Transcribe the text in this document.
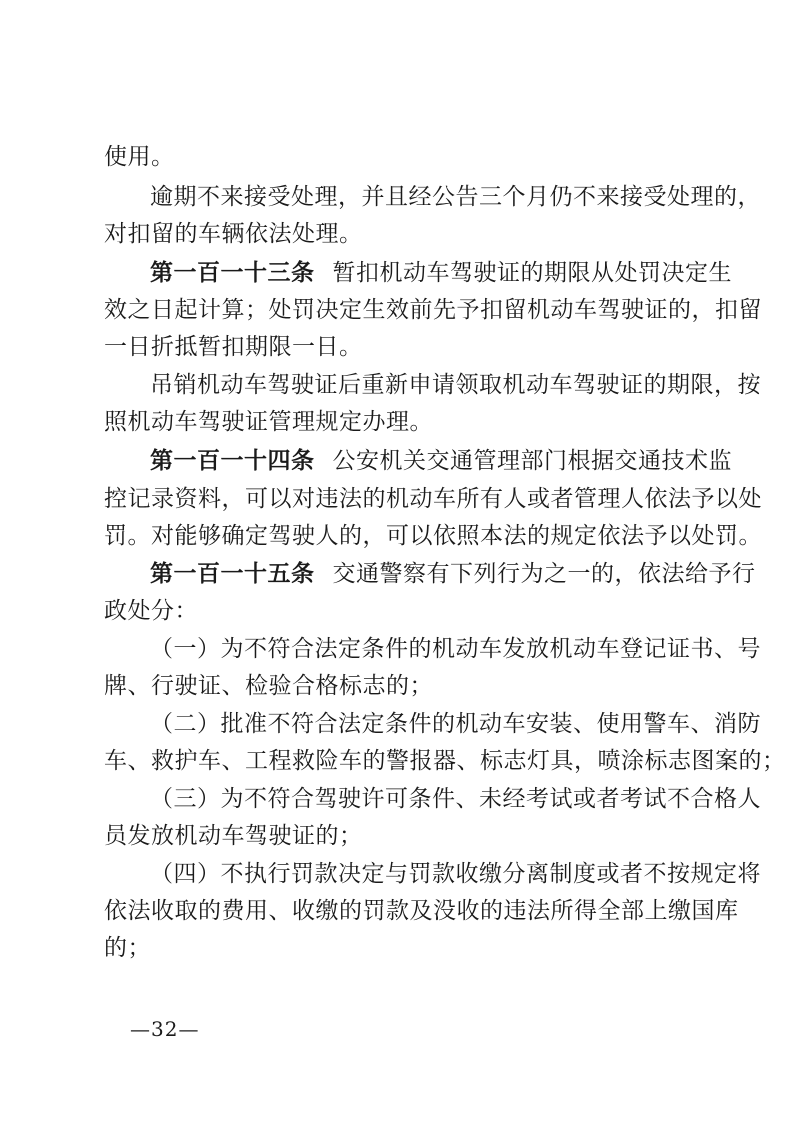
使用。
逾期不来接受处理，并且经公告三个月仍不来接受处理的，
对扣留的车辆依法处理。
第一百一十三条 暂扣机动车驾驶证的期限从处罚决定生
效之日起计算；处罚决定生效前先予扣留机动车驾驶证的，扣留
一日折抵暂扣期限一日。
吊销机动车驾驶证后重新申请领取机动车驾驶证的期限，按
照机动车驾驶证管理规定办理。
第一百一十四条 公安机关交通管理部门根据交通技术监
控记录资料，可以对违法的机动车所有人或者管理人依法予以处
罚。对能够确定驾驶人的，可以依照本法的规定依法予以处罚。
第一百一十五条 交通警察有下列行为之一的，依法给予行
政处分：
（一）为不符合法定条件的机动车发放机动车登记证书、号
牌、行驶证、检验合格标志的；
（二）批准不符合法定条件的机动车安装、使用警车、消防
车、救护车、工程救险车的警报器、标志灯具，喷涂标志图案的；
（三）为不符合驾驶许可条件、未经考试或者考试不合格人
员发放机动车驾驶证的；
（四）不执行罚款决定与罚款收缴分离制度或者不按规定将
依法收取的费用、收缴的罚款及没收的违法所得全部上缴国库
的；
—32—
